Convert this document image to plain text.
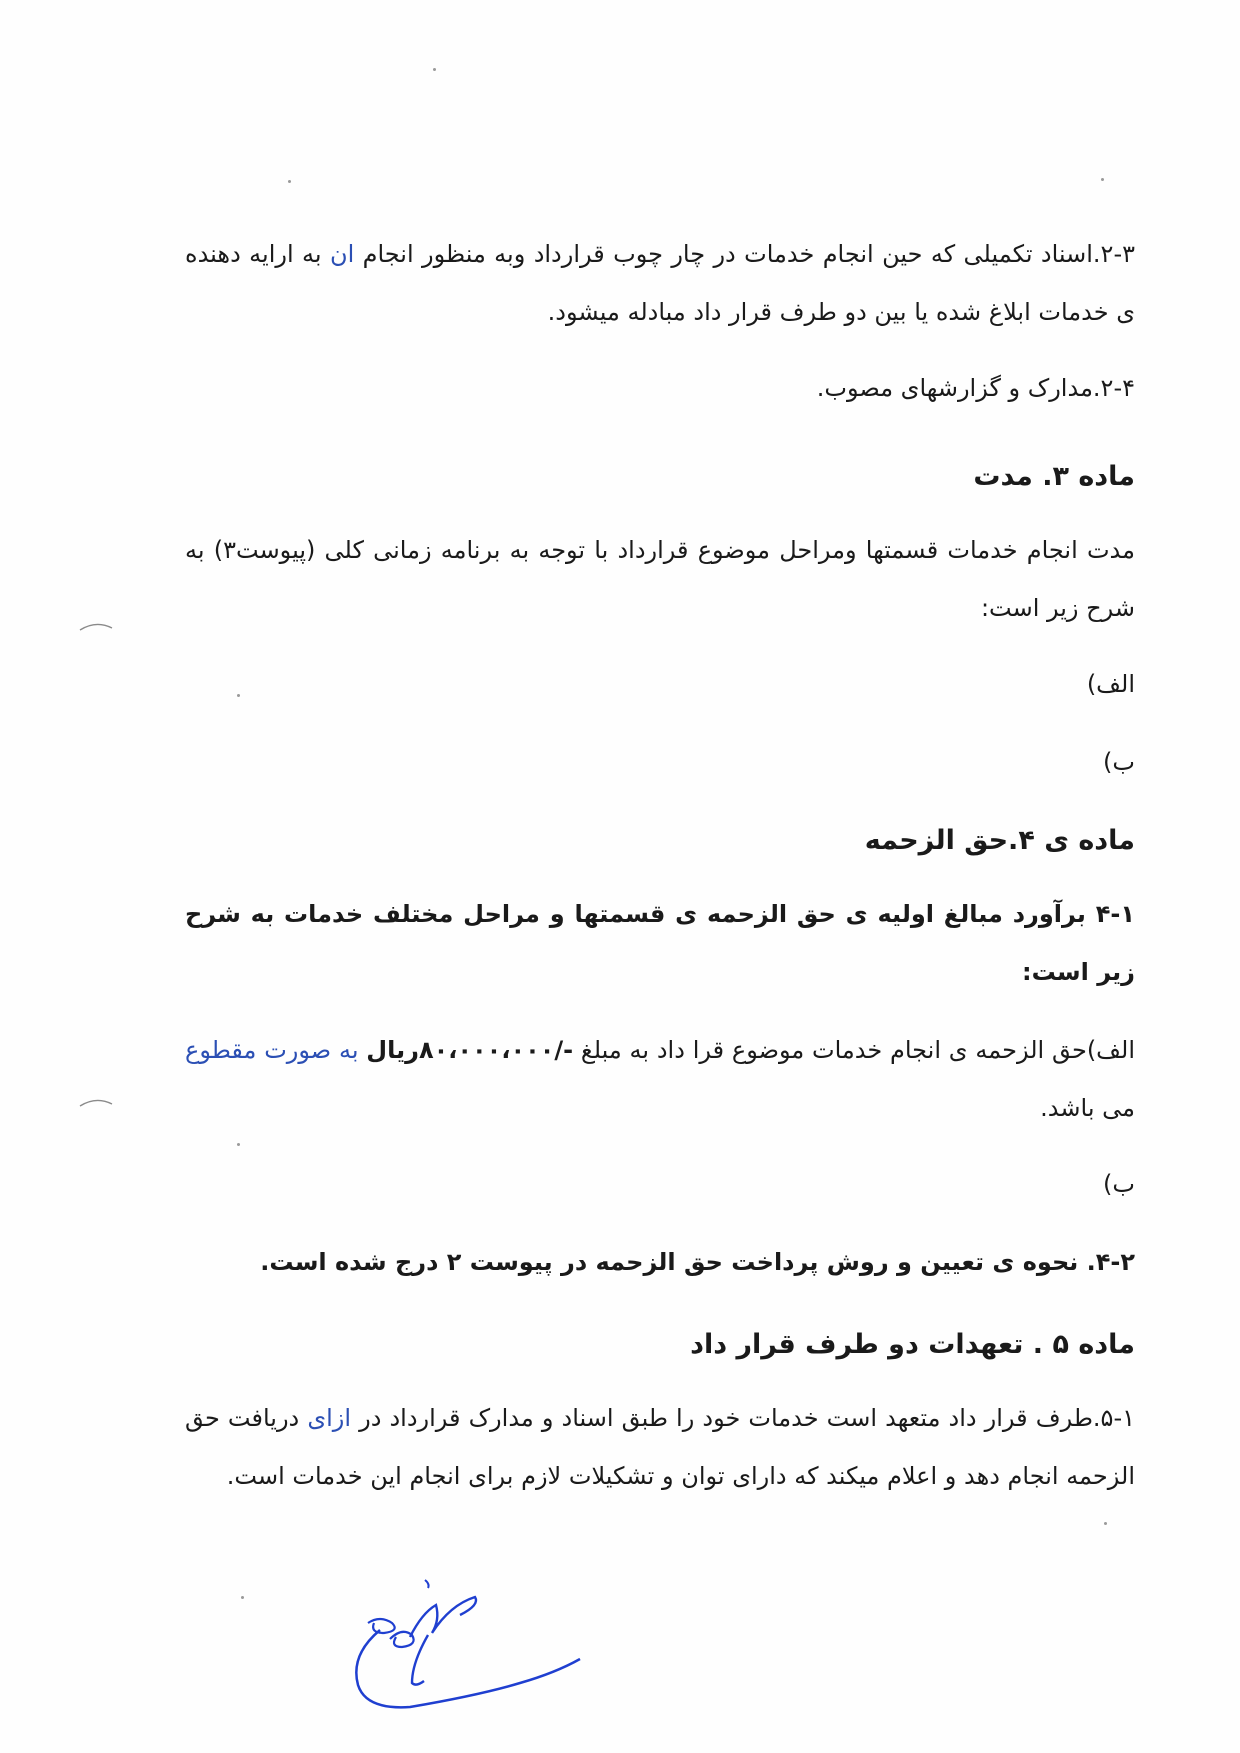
۲-۳.اسناد تکمیلی که حین انجام خدمات در چار چوب قرارداد وبه منظور انجام ان به ارایه دهنده ی خدمات ابلاغ شده یا بین دو طرف قرار داد مبادله میشود.

۲-۴.مدارک و گزارشهای مصوب.

ماده ۳. مدت

مدت انجام خدمات قسمتها ومراحل موضوع قرارداد با توجه به برنامه زمانی کلی (پیوست۳) به شرح زیر است:

الف)

ب)

ماده ی ۴.حق الزحمه

۴-۱ برآورد مبالغ اولیه ی حق الزحمه ی قسمتها و مراحل مختلف خدمات به شرح زیر است:

الف)حق الزحمه ی انجام خدمات موضوع قرا داد به مبلغ -/۸۰،۰۰۰،۰۰۰ریال به صورت مقطوع می باشد.

ب)

۴-۲. نحوه ی تعیین و روش پرداخت حق الزحمه در پیوست ۲ درج شده است.

ماده ۵ . تعهدات دو طرف قرار داد

۵-۱.طرف قرار داد متعهد است خدمات خود را طبق اسناد و مدارک قرارداد در ازای دریافت حق الزحمه انجام دهد و اعلام میکند که دارای توان و تشکیلات لازم برای انجام این خدمات است.
